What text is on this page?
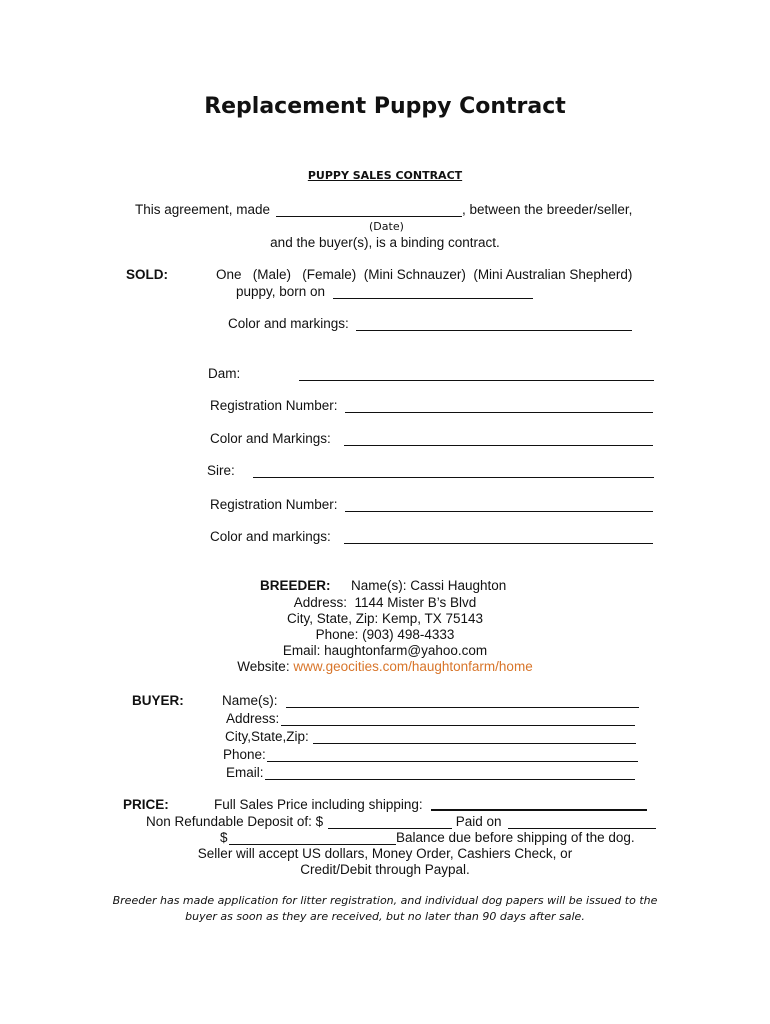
Replacement Puppy Contract
PUPPY SALES CONTRACT
This agreement, made	, between the breeder/seller,
(Date)
and the buyer(s), is a binding contract.
SOLD:	One   (Male)   (Female)  (Mini Schnauzer)  (Mini Australian Shepherd)
puppy, born on
Color and markings:
Dam:
Registration Number:
Color and Markings:
Sire:
Registration Number:
Color and markings:
BREEDER: Name(s): Cassi Haughton
Address:  1144 Mister B’s Blvd
City, State, Zip: Kemp, TX 75143
Phone: (903) 498-4333
Email: haughtonfarm@yahoo.com
Website: www.geocities.com/haughtonfarm/home
BUYER:	Name(s):
Address:
City,State,Zip:
Phone:
Email:
PRICE:	Full Sales Price including shipping:
Non Refundable Deposit of: $	Paid on
$	Balance due before shipping of the dog.
Seller will accept US dollars, Money Order, Cashiers Check, or
Credit/Debit through Paypal.
Breeder has made application for litter registration, and individual dog papers will be issued to the
buyer as soon as they are received, but no later than 90 days after sale.
